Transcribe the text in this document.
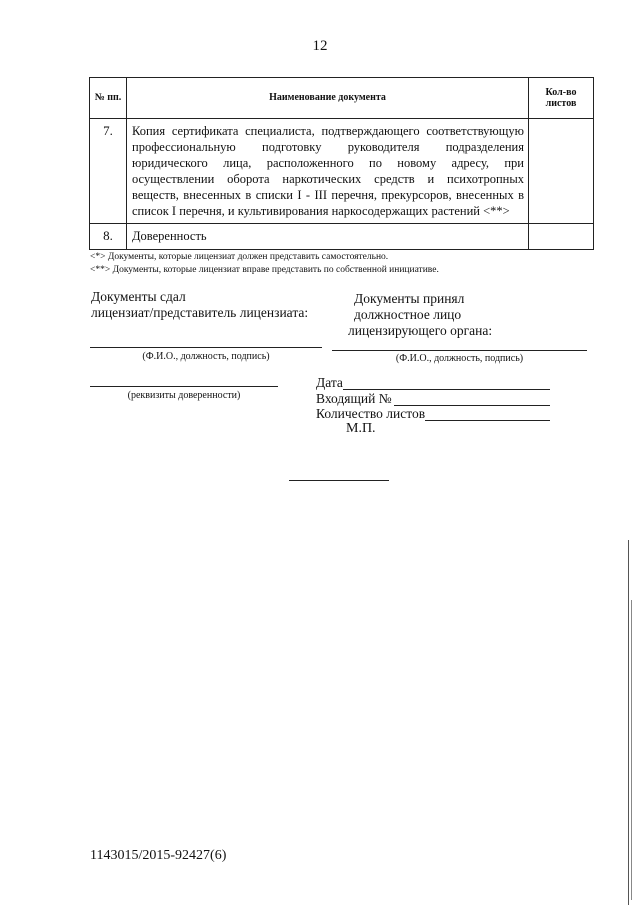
12
№ пп.	Наименование документа	Кол-во листов
7.	Копия сертификата специалиста, подтверждающего соответствующую профессиональную подготовку руководителя подразделения юридического лица, расположенного по новому адресу, при осуществлении оборота наркотических средств и психотропных веществ, внесенных в списки I - III перечня, прекурсоров, внесенных в список I перечня, и культивирования наркосодержащих растений <**>	
8.	Доверенность	
<*> Документы, которые лицензиат должен представить самостоятельно.
<**> Документы, которые лицензиат вправе представить по собственной инициативе.
Документы сдал
лицензиат/представитель лицензиата:
(Ф.И.О., должность, подпись)
(реквизиты доверенности)
Документы принял
должностное лицо
лицензирующего органа:
(Ф.И.О., должность, подпись)
Дата
Входящий №
Количество листов
М.П.
1143015/2015-92427(6)
